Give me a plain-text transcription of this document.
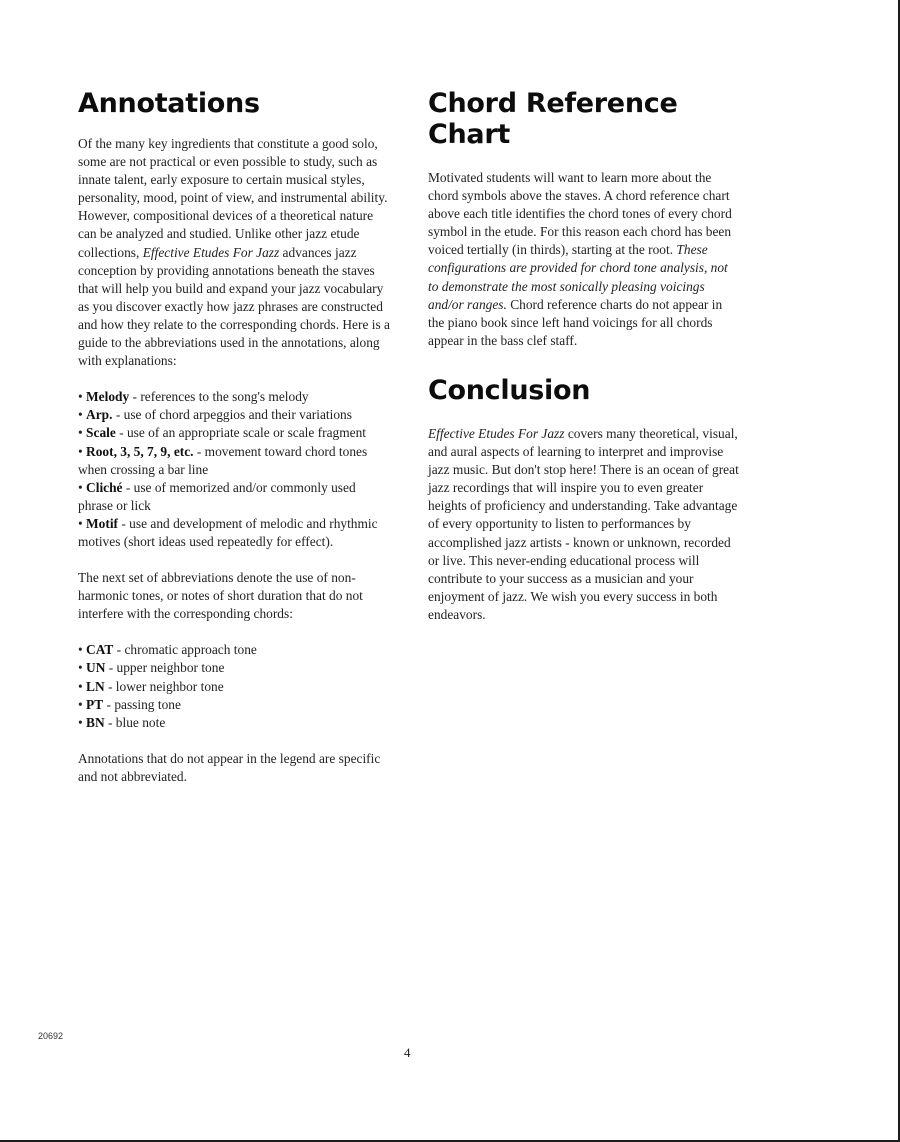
Annotations

Of the many key ingredients that constitute a good solo, some are not practical or even possible to study, such as innate talent, early exposure to certain musical styles, personality, mood, point of view, and instrumental ability. However, compositional devices of a theoretical nature can be analyzed and studied. Unlike other jazz etude collections, Effective Etudes For Jazz advances jazz conception by providing annotations beneath the staves that will help you build and expand your jazz vocabulary as you discover exactly how jazz phrases are constructed and how they relate to the corresponding chords. Here is a guide to the abbreviations used in the annotations, along with explanations:

• Melody - references to the song's melody
• Arp. - use of chord arpeggios and their variations
• Scale - use of an appropriate scale or scale fragment
• Root, 3, 5, 7, 9, etc. - movement toward chord tones when crossing a bar line
• Cliché - use of memorized and/or commonly used phrase or lick
• Motif - use and development of melodic and rhythmic motives (short ideas used repeatedly for effect).

The next set of abbreviations denote the use of non-harmonic tones, or notes of short duration that do not interfere with the corresponding chords:

• CAT - chromatic approach tone
• UN - upper neighbor tone
• LN - lower neighbor tone
• PT - passing tone
• BN - blue note

Annotations that do not appear in the legend are specific and not abbreviated.

Chord Reference
Chart

Motivated students will want to learn more about the chord symbols above the staves. A chord reference chart above each title identifies the chord tones of every chord symbol in the etude. For this reason each chord has been voiced tertially (in thirds), starting at the root. These configurations are provided for chord tone analysis, not to demonstrate the most sonically pleasing voicings and/or ranges. Chord reference charts do not appear in the piano book since left hand voicings for all chords appear in the bass clef staff.

Conclusion

Effective Etudes For Jazz covers many theoretical, visual, and aural aspects of learning to interpret and improvise jazz music. But don't stop here! There is an ocean of great jazz recordings that will inspire you to even greater heights of proficiency and understanding. Take advantage of every opportunity to listen to performances by accomplished jazz artists - known or unknown, recorded or live. This never-ending educational process will contribute to your success as a musician and your enjoyment of jazz. We wish you every success in both endeavors.

20692
4
